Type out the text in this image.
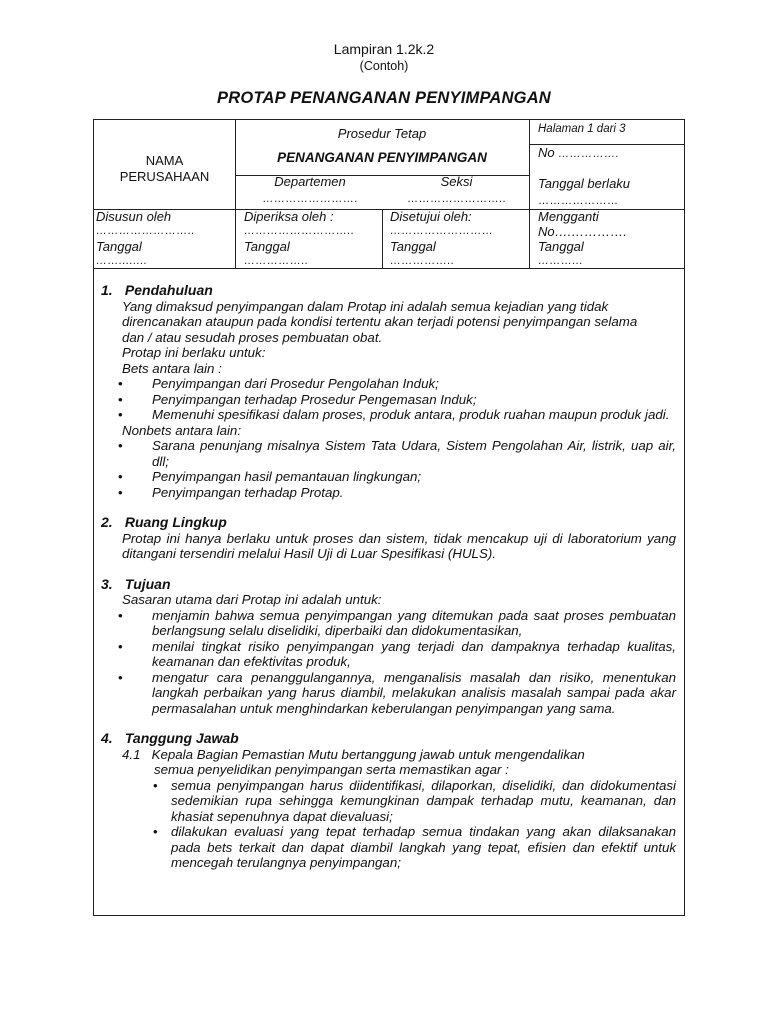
Lampiran 1.2k.2
(Contoh)
PROTAP PENANGANAN PENYIMPANGAN
NAMA
PERUSAHAAN
Prosedur Tetap
PENANGANAN PENYIMPANGAN
Departemen	Seksi
…………………….	……………………..
Halaman 1 dari 3
No …………….
Tanggal berlaku
…………………
Disusun oleh
……………………..
Tanggal
……........
Diperiksa oleh :
………………………..
Tanggal
……………..
Disetujui oleh:
………………………
Tanggal
……………..
Mengganti
No….………….
Tanggal
………...
1. Pendahuluan
Yang dimaksud penyimpangan dalam Protap ini adalah semua kejadian yang tidak
direncanakan ataupun pada kondisi tertentu akan terjadi potensi penyimpangan selama
dan / atau sesudah proses pembuatan obat.
Protap ini berlaku untuk:
Bets antara lain :
• Penyimpangan dari Prosedur Pengolahan Induk;
• Penyimpangan terhadap Prosedur Pengemasan Induk;
• Memenuhi spesifikasi dalam proses, produk antara, produk ruahan maupun produk jadi.
Nonbets antara lain:
• Sarana penunjang misalnya Sistem Tata Udara, Sistem Pengolahan Air, listrik, uap air, dll;
• Penyimpangan hasil pemantauan lingkungan;
• Penyimpangan terhadap Protap.
2. Ruang Lingkup
Protap ini hanya berlaku untuk proses dan sistem, tidak mencakup uji di laboratorium yang ditangani tersendiri melalui Hasil Uji di Luar Spesifikasi (HULS).
3. Tujuan
Sasaran utama dari Protap ini adalah untuk:
• menjamin bahwa semua penyimpangan yang ditemukan pada saat proses pembuatan berlangsung selalu diselidiki, diperbaiki dan didokumentasikan,
• menilai tingkat risiko penyimpangan yang terjadi dan dampaknya terhadap kualitas, keamanan dan efektivitas produk,
• mengatur cara penanggulangannya, menganalisis masalah dan risiko, menentukan langkah perbaikan yang harus diambil, melakukan analisis masalah sampai pada akar permasalahan untuk menghindarkan keberulangan penyimpangan yang sama.
4. Tanggung Jawab
4.1 Kepala Bagian Pemastian Mutu bertanggung jawab untuk mengendalikan
semua penyelidikan penyimpangan serta memastikan agar :
• semua penyimpangan harus diidentifikasi, dilaporkan, diselidiki, dan didokumentasi sedemikian rupa sehingga kemungkinan dampak terhadap mutu, keamanan, dan khasiat sepenuhnya dapat dievaluasi;
• dilakukan evaluasi yang tepat terhadap semua tindakan yang akan dilaksanakan pada bets terkait dan dapat diambil langkah yang tepat, efisien dan efektif untuk mencegah terulangnya penyimpangan;
